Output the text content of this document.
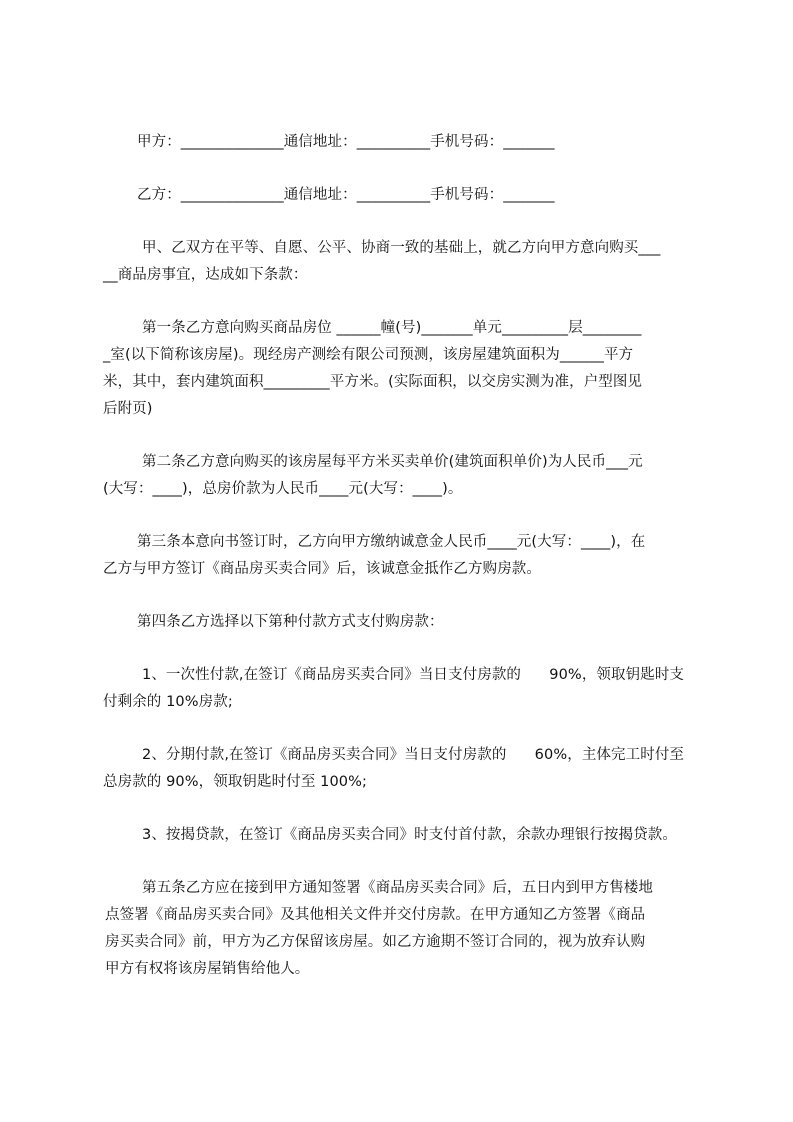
甲方：______________通信地址：__________手机号码：_______
乙方：______________通信地址：__________手机号码：_______
甲、乙双方在平等、自愿、公平、协商一致的基础上，就乙方向甲方意向购买___
__商品房事宜，达成如下条款：
第一条乙方意向购买商品房位 ______幢(号)_______单元_________层________
_室(以下简称该房屋)。现经房产测绘有限公司预测，该房屋建筑面积为______平方
米，其中，套内建筑面积_________平方米。(实际面积，以交房实测为准，户型图见
后附页)
第二条乙方意向购买的该房屋每平方米买卖单价(建筑面积单价)为人民币___元
(大写：____)，总房价款为人民币____元(大写：____)。
第三条本意向书签订时，乙方向甲方缴纳诚意金人民币____元(大写：____)，在
乙方与甲方签订《商品房买卖合同》后，该诚意金抵作乙方购房款。
第四条乙方选择以下第种付款方式支付购房款：
1、一次性付款,在签订《商品房买卖合同》当日支付房款的      90%，领取钥匙时支
付剩余的 10%房款;
2、分期付款,在签订《商品房买卖合同》当日支付房款的      60%，主体完工时付至
总房款的 90%，领取钥匙时付至 100%;
3、按揭贷款，在签订《商品房买卖合同》时支付首付款，余款办理银行按揭贷款。
第五条乙方应在接到甲方通知签署《商品房买卖合同》后，五日内到甲方售楼地
点签署《商品房买卖合同》及其他相关文件并交付房款。在甲方通知乙方签署《商品
房买卖合同》前，甲方为乙方保留该房屋。如乙方逾期不签订合同的，视为放弃认购
甲方有权将该房屋销售给他人。
